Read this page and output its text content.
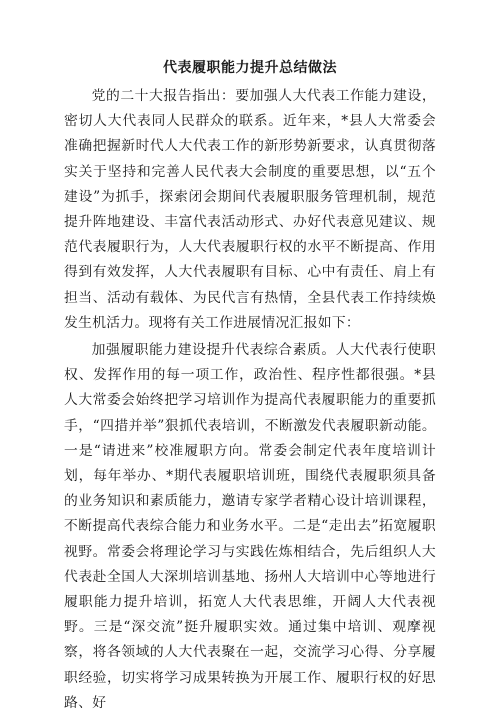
代表履职能力提升总结做法

党的二十大报告指出：要加强人大代表工作能力建设，密切人大代表同人民群众的联系。近年来，*县人大常委会准确把握新时代人大代表工作的新形势新要求，认真贯彻落实关于坚持和完善人民代表大会制度的重要思想，以“五个建设”为抓手，探索闭会期间代表履职服务管理机制，规范提升阵地建设、丰富代表活动形式、办好代表意见建议、规范代表履职行为，人大代表履职行权的水平不断提高、作用得到有效发挥，人大代表履职有目标、心中有责任、肩上有担当、活动有载体、为民代言有热情，全县代表工作持续焕发生机活力。现将有关工作进展情况汇报如下：

加强履职能力建设提升代表综合素质。人大代表行使职权、发挥作用的每一项工作，政治性、程序性都很强。*县人大常委会始终把学习培训作为提高代表履职能力的重要抓手，“四措并举”狠抓代表培训，不断激发代表履职新动能。一是“请进来”校准履职方向。常委会制定代表年度培训计划，每年举办、*期代表履职培训班，围绕代表履职须具备的业务知识和素质能力，邀请专家学者精心设计培训课程，不断提高代表综合能力和业务水平。二是“走出去”拓宽履职视野。常委会将理论学习与实践佐炼相结合，先后组织人大代表赴全国人大深圳培训基地、扬州人大培训中心等地进行履职能力提升培训，拓宽人大代表思维，开阔人大代表视野。三是“深交流”挺升履职实效。通过集中培训、观摩视察，将各领域的人大代表聚在一起，交流学习心得、分享履职经验，切实将学习成果转换为开展工作、履职行权的好思路、好
